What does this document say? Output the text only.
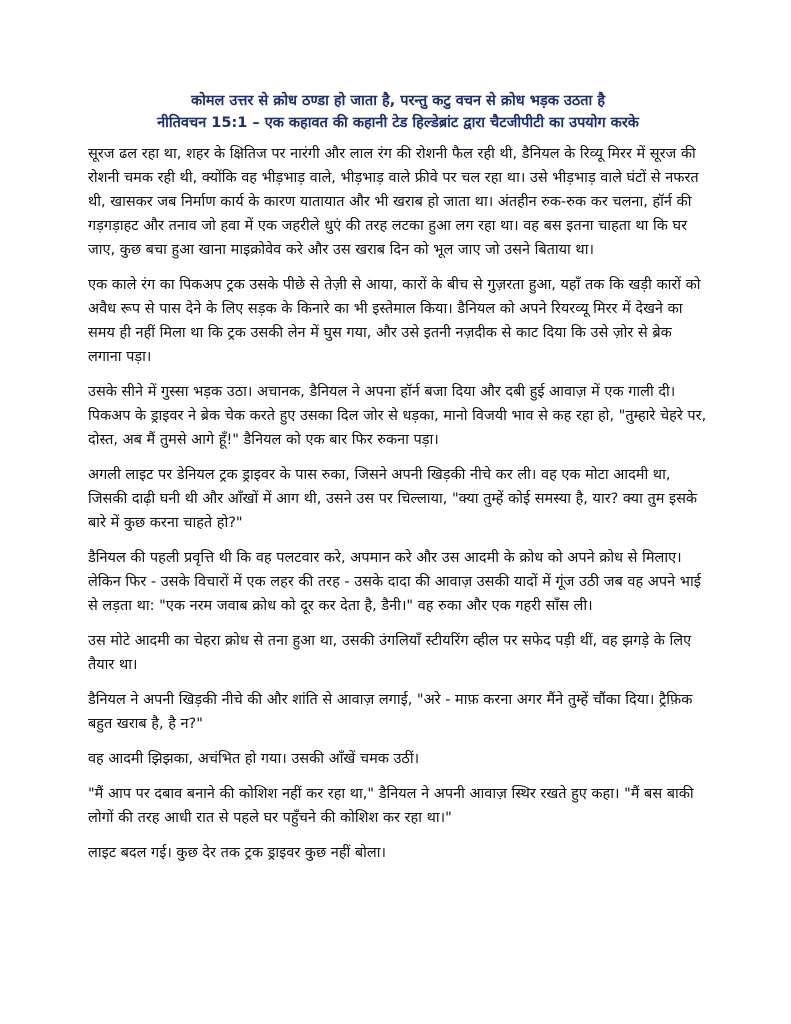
कोमल उत्तर से क्रोध ठण्डा हो जाता है, परन्तु कटु वचन से क्रोध भड़क उठता है

नीतिवचन 15:1 – एक कहावत की कहानी टेड हिल्डेब्रांट द्वारा चैटजीपीटी का उपयोग करके

सूरज ढल रहा था, शहर के क्षितिज पर नारंगी और लाल रंग की रोशनी फैल रही थी, डैनियल के रिव्यू मिरर में सूरज की रोशनी चमक रही थी, क्योंकि वह भीड़भाड़ वाले, भीड़भाड़ वाले फ्रीवे पर चल रहा था। उसे भीड़भाड़ वाले घंटों से नफरत थी, खासकर जब निर्माण कार्य के कारण यातायात और भी खराब हो जाता था। अंतहीन रुक-रुक कर चलना, हॉर्न की गड़गड़ाहट और तनाव जो हवा में एक जहरीले धुएं की तरह लटका हुआ लग रहा था। वह बस इतना चाहता था कि घर जाए, कुछ बचा हुआ खाना माइक्रोवेव करे और उस खराब दिन को भूल जाए जो उसने बिताया था।

एक काले रंग का पिकअप ट्रक उसके पीछे से तेज़ी से आया, कारों के बीच से गुज़रता हुआ, यहाँ तक कि खड़ी कारों को अवैध रूप से पास देने के लिए सड़क के किनारे का भी इस्तेमाल किया। डैनियल को अपने रियरव्यू मिरर में देखने का समय ही नहीं मिला था कि ट्रक उसकी लेन में घुस गया, और उसे इतनी नज़दीक से काट दिया कि उसे ज़ोर से ब्रेक लगाना पड़ा।

उसके सीने में गुस्सा भड़क उठा। अचानक, डैनियल ने अपना हॉर्न बजा दिया और दबी हुई आवाज़ में एक गाली दी। पिकअप के ड्राइवर ने ब्रेक चेक करते हुए उसका दिल जोर से धड़का, मानो विजयी भाव से कह रहा हो, "तुम्हारे चेहरे पर, दोस्त, अब मैं तुमसे आगे हूँ!" डैनियल को एक बार फिर रुकना पड़ा।

अगली लाइट पर डेनियल ट्रक ड्राइवर के पास रुका, जिसने अपनी खिड़की नीचे कर ली। वह एक मोटा आदमी था, जिसकी दाढ़ी घनी थी और आँखों में आग थी, उसने उस पर चिल्लाया, "क्या तुम्हें कोई समस्या है, यार? क्या तुम इसके बारे में कुछ करना चाहते हो?"

डैनियल की पहली प्रवृत्ति थी कि वह पलटवार करे, अपमान करे और उस आदमी के क्रोध को अपने क्रोध से मिलाए। लेकिन फिर - उसके विचारों में एक लहर की तरह - उसके दादा की आवाज़ उसकी यादों में गूंज उठी जब वह अपने भाई से लड़ता था: "एक नरम जवाब क्रोध को दूर कर देता है, डैनी।" वह रुका और एक गहरी साँस ली।

उस मोटे आदमी का चेहरा क्रोध से तना हुआ था, उसकी उंगलियाँ स्टीयरिंग व्हील पर सफेद पड़ी थीं, वह झगड़े के लिए तैयार था।

डैनियल ने अपनी खिड़की नीचे की और शांति से आवाज़ लगाई, "अरे - माफ़ करना अगर मैंने तुम्हें चौंका दिया। ट्रैफ़िक बहुत खराब है, है न?"

वह आदमी झिझका, अचंभित हो गया। उसकी आँखें चमक उठीं।

"मैं आप पर दबाव बनाने की कोशिश नहीं कर रहा था," डैनियल ने अपनी आवाज़ स्थिर रखते हुए कहा। "मैं बस बाकी लोगों की तरह आधी रात से पहले घर पहुँचने की कोशिश कर रहा था।"

लाइट बदल गई। कुछ देर तक ट्रक ड्राइवर कुछ नहीं बोला।
